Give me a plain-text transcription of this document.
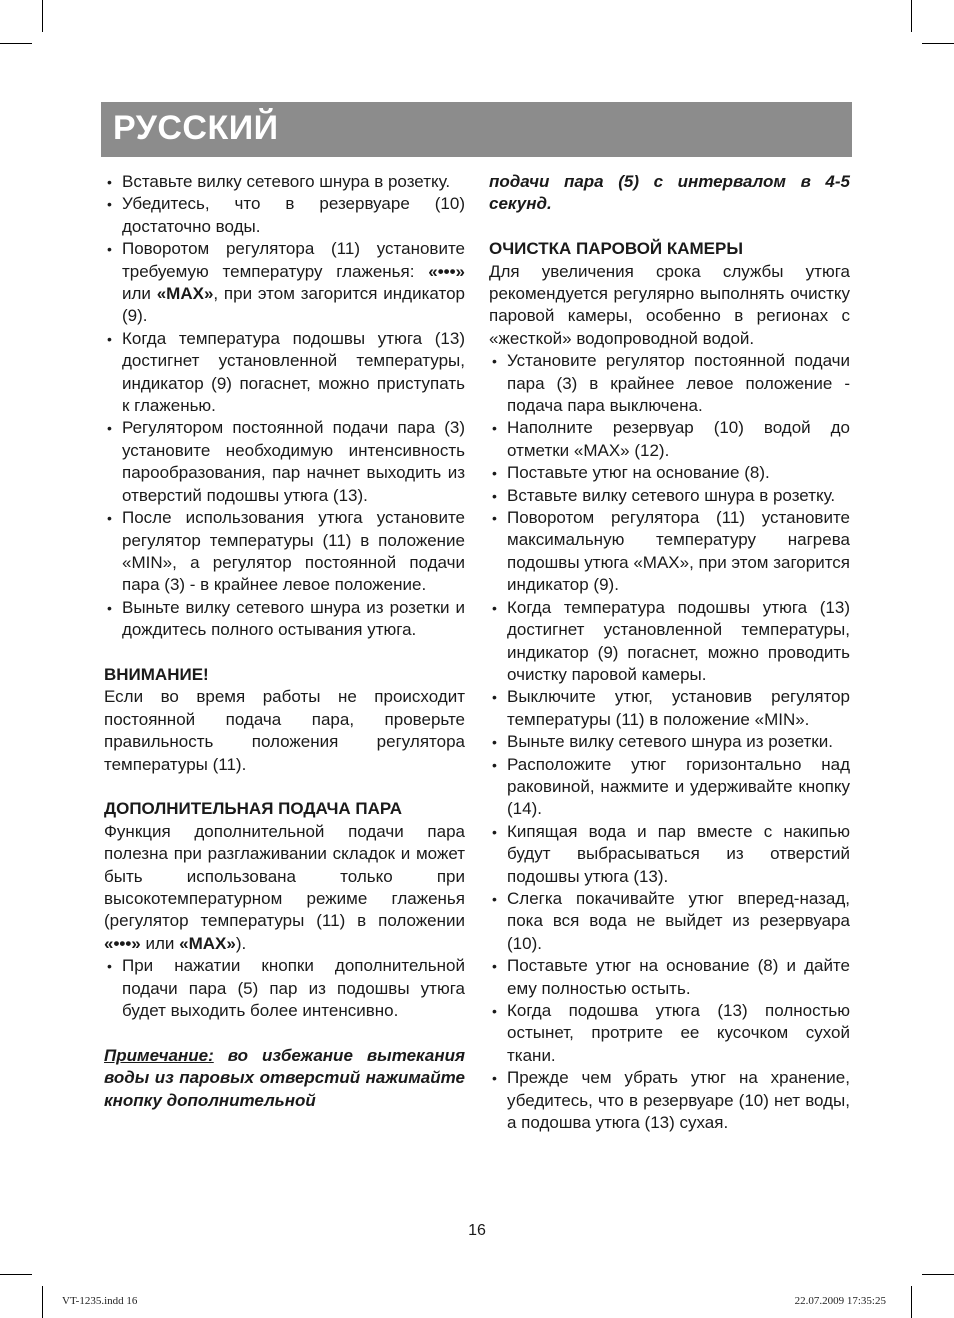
РУССКИЙ
• Вставьте вилку сетевого шнура в розетку.
• Убедитесь, что в резервуаре (10) достаточно воды.
• Поворотом регулятора (11) установите требуемую температуру глаженья: «•••» или «MAX», при этом загорится индикатор (9).
• Когда температура подошвы утюга (13) достигнет установленной температуры, индикатор (9) погаснет, можно приступать к глаженью.
• Регулятором постоянной подачи пара (3) установите необходимую интенсивность парообразования, пар начнет выходить из отверстий подошвы утюга (13).
• После использования утюга установите регулятор температуры (11) в положение «MIN», а регулятор постоянной подачи пара (3) - в крайнее левое положение.
• Выньте вилку сетевого шнура из розетки и дождитесь полного остывания утюга.

ВНИМАНИЕ!

Если во время работы не происходит постоянной подача пара, проверьте правильность положения регулятора температуры (11).

ДОПОЛНИТЕЛЬНАЯ ПОДАЧА ПАРА

Функция дополнительной подачи пара полезна при разглаживании складок и может быть использована только при высокотемпературном режиме глаженья (регулятор температуры (11) в положении «•••» или «MAX»).

• При нажатии кнопки дополнительной подачи пара (5) пар из подошвы утюга будет выходить более интенсивно.

Примечание: во избежание вытекания воды из паровых отверстий нажимайте кнопку дополнительной

подачи пара (5) с интервалом в 4-5 секунд.

ОЧИСТКА ПАРОВОЙ КАМЕРЫ

Для увеличения срока службы утюга рекомендуется регулярно выполнять очистку паровой камеры, особенно в регионах с «жесткой» водопроводной водой.

• Установите регулятор постоянной подачи пара (3) в крайнее левое положение - подача пара выключена.
• Наполните резервуар (10) водой до отметки «MAX» (12).
• Поставьте утюг на основание (8).
• Вставьте вилку сетевого шнура в розетку.
• Поворотом регулятора (11) установите максимальную температуру нагрева подошвы утюга «MAX», при этом загорится индикатор (9).
• Когда температура подошвы утюга (13) достигнет установленной температуры, индикатор (9) погаснет, можно проводить очистку паровой камеры.
• Выключите утюг, установив регулятор температуры (11) в положение «MIN».
• Выньте вилку сетевого шнура из розетки.
• Расположите утюг горизонтально над раковиной, нажмите и удерживайте кнопку (14).
• Кипящая вода и пар вместе с накипью будут выбрасываться из отверстий подошвы утюга (13).
• Слегка покачивайте утюг вперед-назад, пока вся вода не выйдет из резервуара (10).
• Поставьте утюг на основание (8) и дайте ему полностью остыть.
• Когда подошва утюга (13) полностью остынет, протрите ее кусочком сухой ткани.
• Прежде чем убрать утюг на хранение, убедитесь, что в резервуаре (10) нет воды, а подошва утюга (13) сухая.
16
VT-1235.indd 16	22.07.2009 17:35:25
